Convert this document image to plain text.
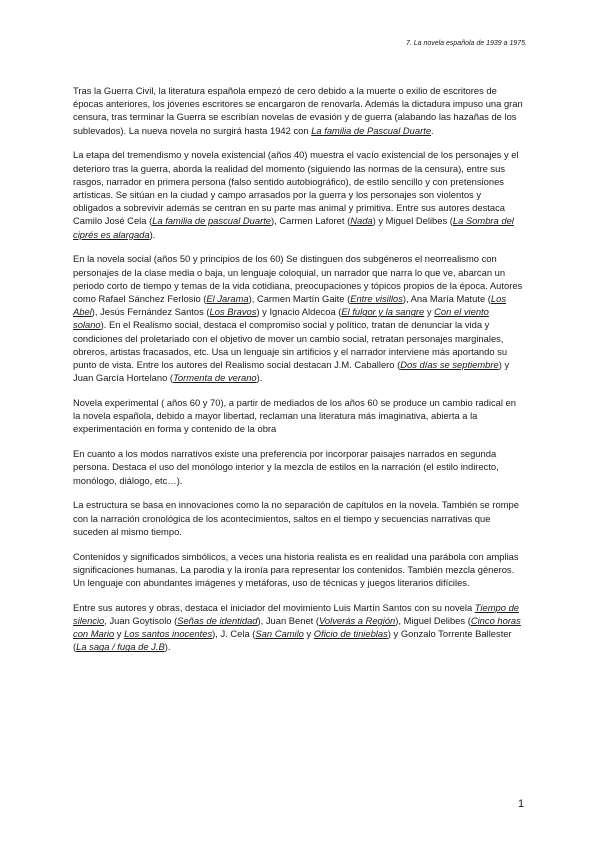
7. La novela española de 1939 a 1975.

Tras la Guerra Civil, la literatura española empezó de cero debido a la muerte o exilio de escritores de épocas anteriores, los jóvenes escritores se encargaron de renovarla. Además la dictadura impuso una gran censura, tras terminar la Guerra se escribían novelas de evasión y de guerra (alabando las hazañas de los sublevados). La nueva novela no surgirá hasta 1942 con La familia de Pascual Duarte.

La etapa del tremendismo y novela existencial (años 40) muestra el vacío existencial de los personajes y el deterioro tras la guerra, aborda la realidad del momento (siguiendo las normas de la censura), entre sus rasgos, narrador en primera persona (falso sentido autobiográfico), de estilo sencillo y con pretensiones artísticas. Se sitúan en la ciudad y campo arrasados por la guerra y los personajes son violentos y obligados a sobrevivir además se centran en su parte mas animal y primitiva. Entre sus autores destaca Camilo José Cela (La familia de pascual Duarte), Carmen Laforet (Nada) y Miguel Delibes (La Sombra del ciprés es alargada).

En la novela social (años 50 y principios de los 60) Se distinguen dos subgéneros el neorrealismo con personajes de la clase media o baja, un lenguaje coloquial, un narrador que narra lo que ve, abarcan un periodo corto de tiempo y temas de la vida cotidiana, preocupaciones y tópicos propios de la época. Autores como Rafael Sánchez Ferlosio (El Jarama), Carmen Martín Gaite (Entre visillos), Ana María Matute (Los Abel), Jesús Fernández Santos (Los Bravos) y Ignacio Aldecoa (El fulgor y la sangre y Con el viento solano). En el Realismo social, destaca el compromiso social y político, tratan de denunciar la vida y condiciones del proletariado con el objetivo de mover un cambio social, retratan personajes marginales, obreros, artistas fracasados, etc. Usa un lenguaje sin artificios y el narrador interviene más aportando su punto de vista. Entre los autores del Realismo social destacan J.M. Caballero (Dos días se septiembre) y Juan García Hortelano (Tormenta de verano).

Novela experimental ( años 60 y 70), a partir de mediados de los años 60 se produce un cambio radical en la novela española, debido a mayor libertad, reclaman una literatura más imaginativa, abierta a la experimentación en forma y contenido de la obra

En cuanto a los modos narrativos existe una preferencia por incorporar paisajes narrados en segunda persona. Destaca el uso del monólogo interior y la mezcla de estilos en la narración (el estilo indirecto, monólogo, diálogo, etc…).

La estructura se basa en innovaciones como la no separación de capítulos en la novela. También se rompe con la narración cronológica de los acontecimientos, saltos en el tiempo y secuencias narrativas que suceden al mismo tiempo.

Contenidos y significados simbólicos, a veces una historia realista es en realidad una parábola con amplias significaciones humanas. La parodia y la ironía para representar los contenidos. También mezcla géneros. Un lenguaje con abundantes imágenes y metáforas, uso de técnicas y juegos literarios difíciles.

Entre sus autores y obras, destaca el iniciador del movimiento Luis Martín Santos con su novela Tiempo de silencio, Juan Goytisolo (Señas de identidad), Juan Benet (Volverás a Región), Miguel Delibes (Cinco horas con Mario y Los santos inocentes), J. Cela (San Camilo y Oficio de tinieblas) y Gonzalo Torrente Ballester (La saga / fuga de J.B).

1
